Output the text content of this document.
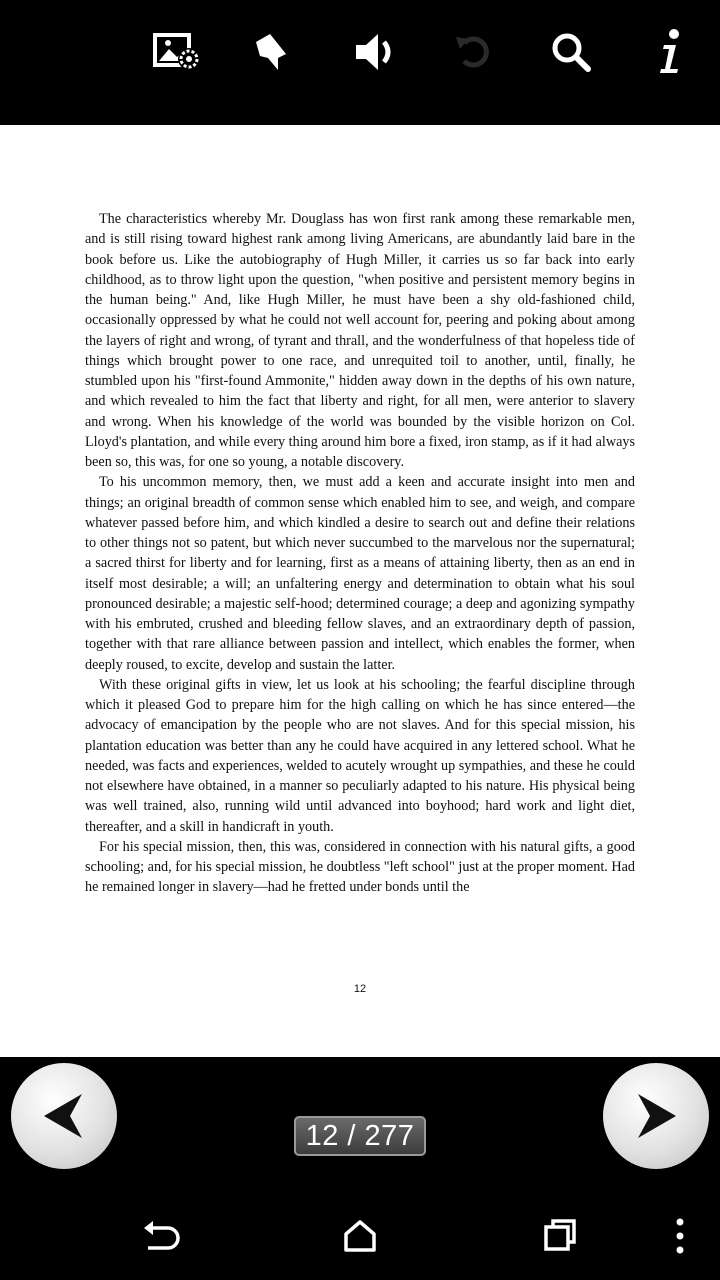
The characteristics whereby Mr. Douglass has won first rank among these remarkable men, and is still rising toward highest rank among living Americans, are abundantly laid bare in the book before us. Like the autobiography of Hugh Miller, it carries us so far back into early childhood, as to throw light upon the question, "when positive and persistent memory begins in the human being." And, like Hugh Miller, he must have been a shy old-fashioned child, occasionally oppressed by what he could not well account for, peering and poking about among the layers of right and wrong, of tyrant and thrall, and the wonderfulness of that hopeless tide of things which brought power to one race, and unrequited toil to another, until, finally, he stumbled upon his "first-found Ammonite," hidden away down in the depths of his own nature, and which revealed to him the fact that liberty and right, for all men, were anterior to slavery and wrong. When his knowledge of the world was bounded by the visible horizon on Col. Lloyd's plantation, and while every thing around him bore a fixed, iron stamp, as if it had always been so, this was, for one so young, a notable discovery.

To his uncommon memory, then, we must add a keen and accurate insight into men and things; an original breadth of common sense which enabled him to see, and weigh, and compare whatever passed before him, and which kindled a desire to search out and define their relations to other things not so patent, but which never succumbed to the marvelous nor the supernatural; a sacred thirst for liberty and for learning, first as a means of attaining liberty, then as an end in itself most desirable; a will; an unfaltering energy and determination to obtain what his soul pronounced desirable; a majestic self-hood; determined courage; a deep and agonizing sympathy with his embruted, crushed and bleeding fellow slaves, and an extraordinary depth of passion, together with that rare alliance between passion and intellect, which enables the former, when deeply roused, to excite, develop and sustain the latter.

With these original gifts in view, let us look at his schooling; the fearful discipline through which it pleased God to prepare him for the high calling on which he has since entered—the advocacy of emancipation by the people who are not slaves. And for this special mission, his plantation education was better than any he could have acquired in any lettered school. What he needed, was facts and experiences, welded to acutely wrought up sympathies, and these he could not elsewhere have obtained, in a manner so peculiarly adapted to his nature. His physical being was well trained, also, running wild until advanced into boyhood; hard work and light diet, thereafter, and a skill in handicraft in youth.

For his special mission, then, this was, considered in connection with his natural gifts, a good schooling; and, for his special mission, he doubtless "left school" just at the proper moment. Had he remained longer in slavery—had he fretted under bonds until the

12
12 / 277
